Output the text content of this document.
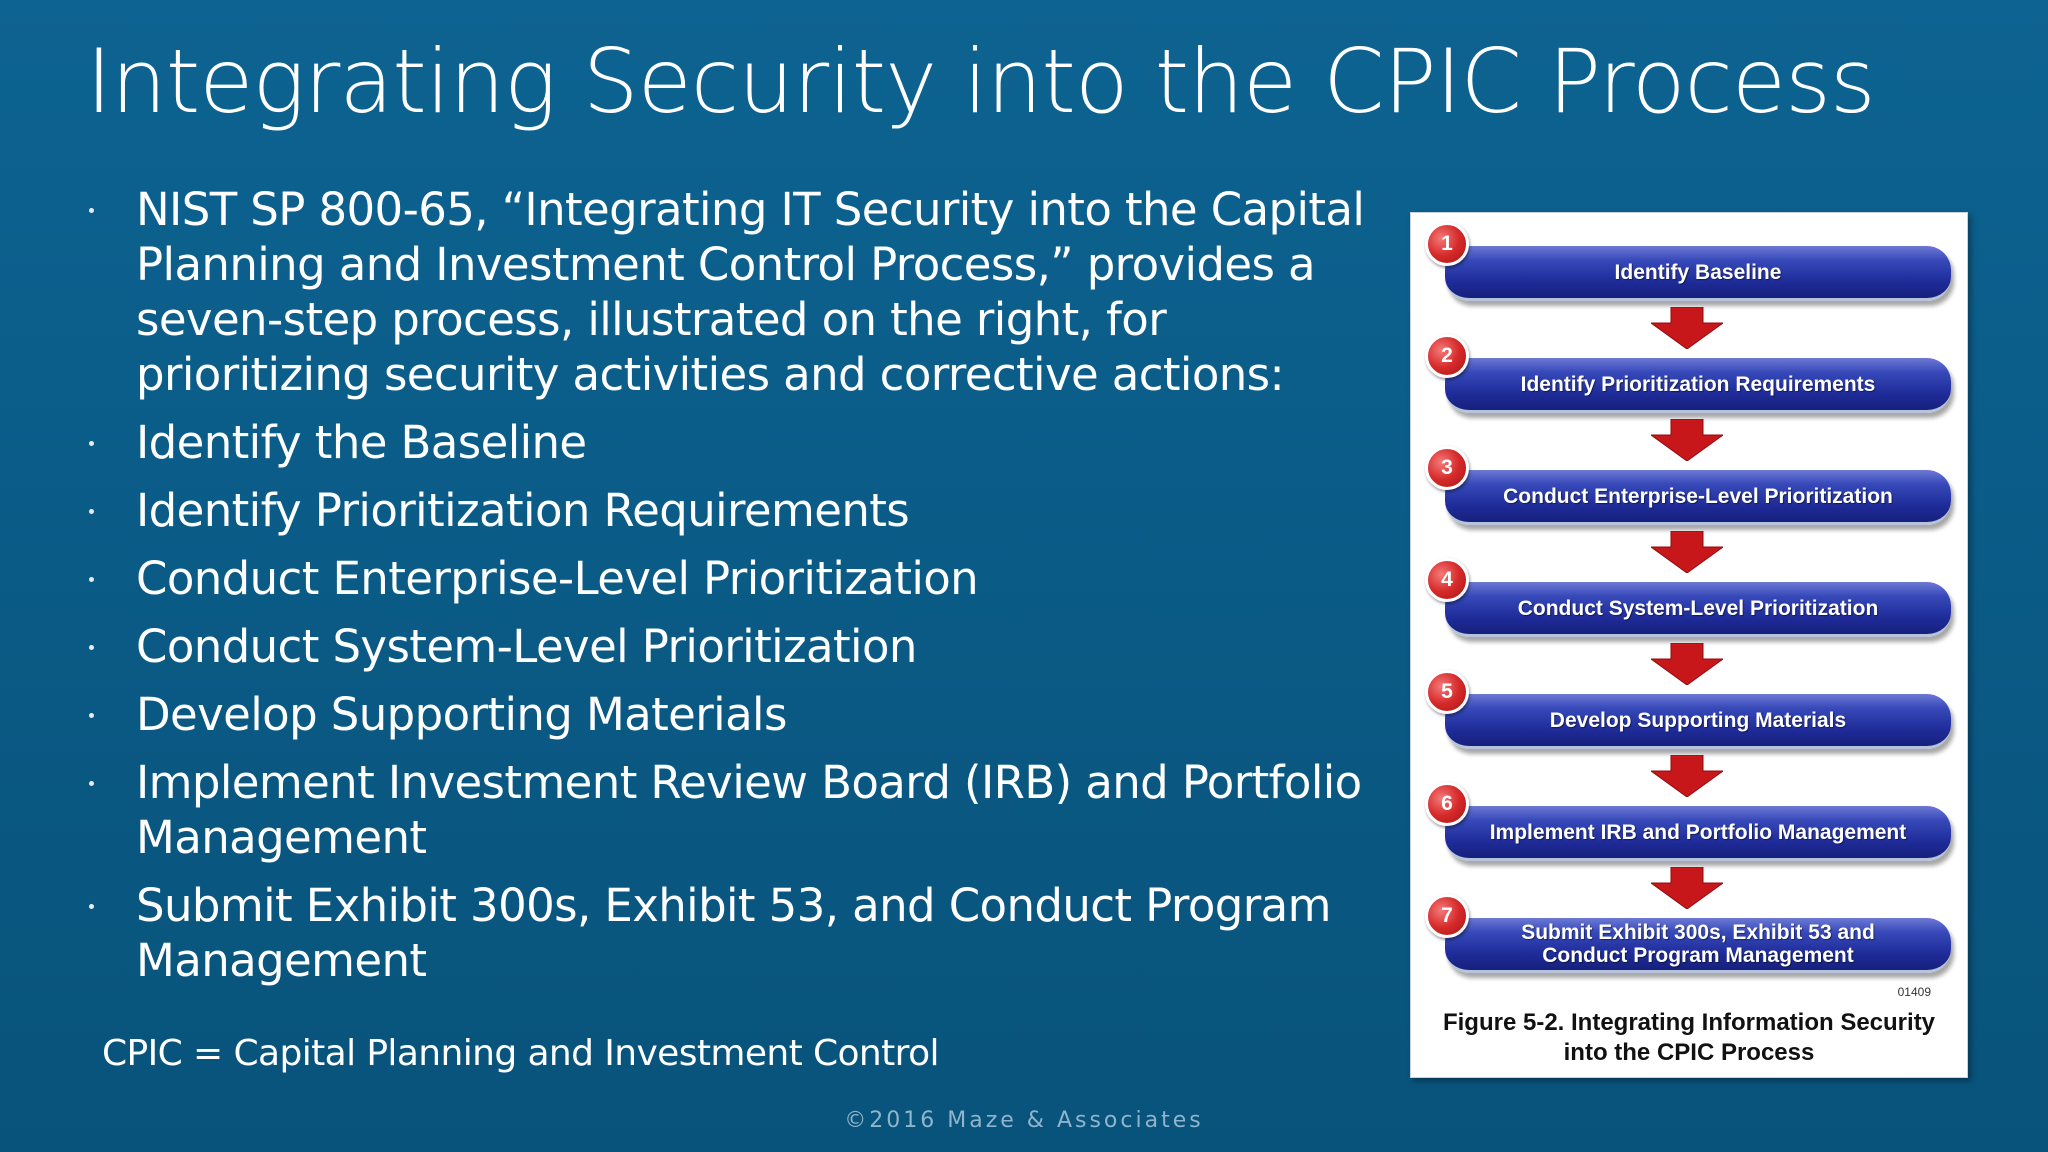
Integrating Security into the CPIC Process
NIST SP 800-65, “Integrating IT Security into the Capital Planning and Investment Control Process,” provides a seven-step process, illustrated on the right, for prioritizing security activities and corrective actions:
Identify the Baseline
Identify Prioritization Requirements
Conduct Enterprise-Level Prioritization
Conduct System-Level Prioritization
Develop Supporting Materials
Implement Investment Review Board (IRB) and Portfolio Management
Submit Exhibit 300s, Exhibit 53, and Conduct Program Management
CPIC = Capital Planning and Investment Control
©2016 Maze & Associates
Identify Baseline
1
Identify Prioritization Requirements
2
Conduct Enterprise-Level Prioritization
3
Conduct System-Level Prioritization
4
Develop Supporting Materials
5
Implement IRB and Portfolio Management
6
Submit Exhibit 300s, Exhibit 53 and
Conduct Program Management
7
01409
Figure 5-2. Integrating Information Security
into the CPIC Process
